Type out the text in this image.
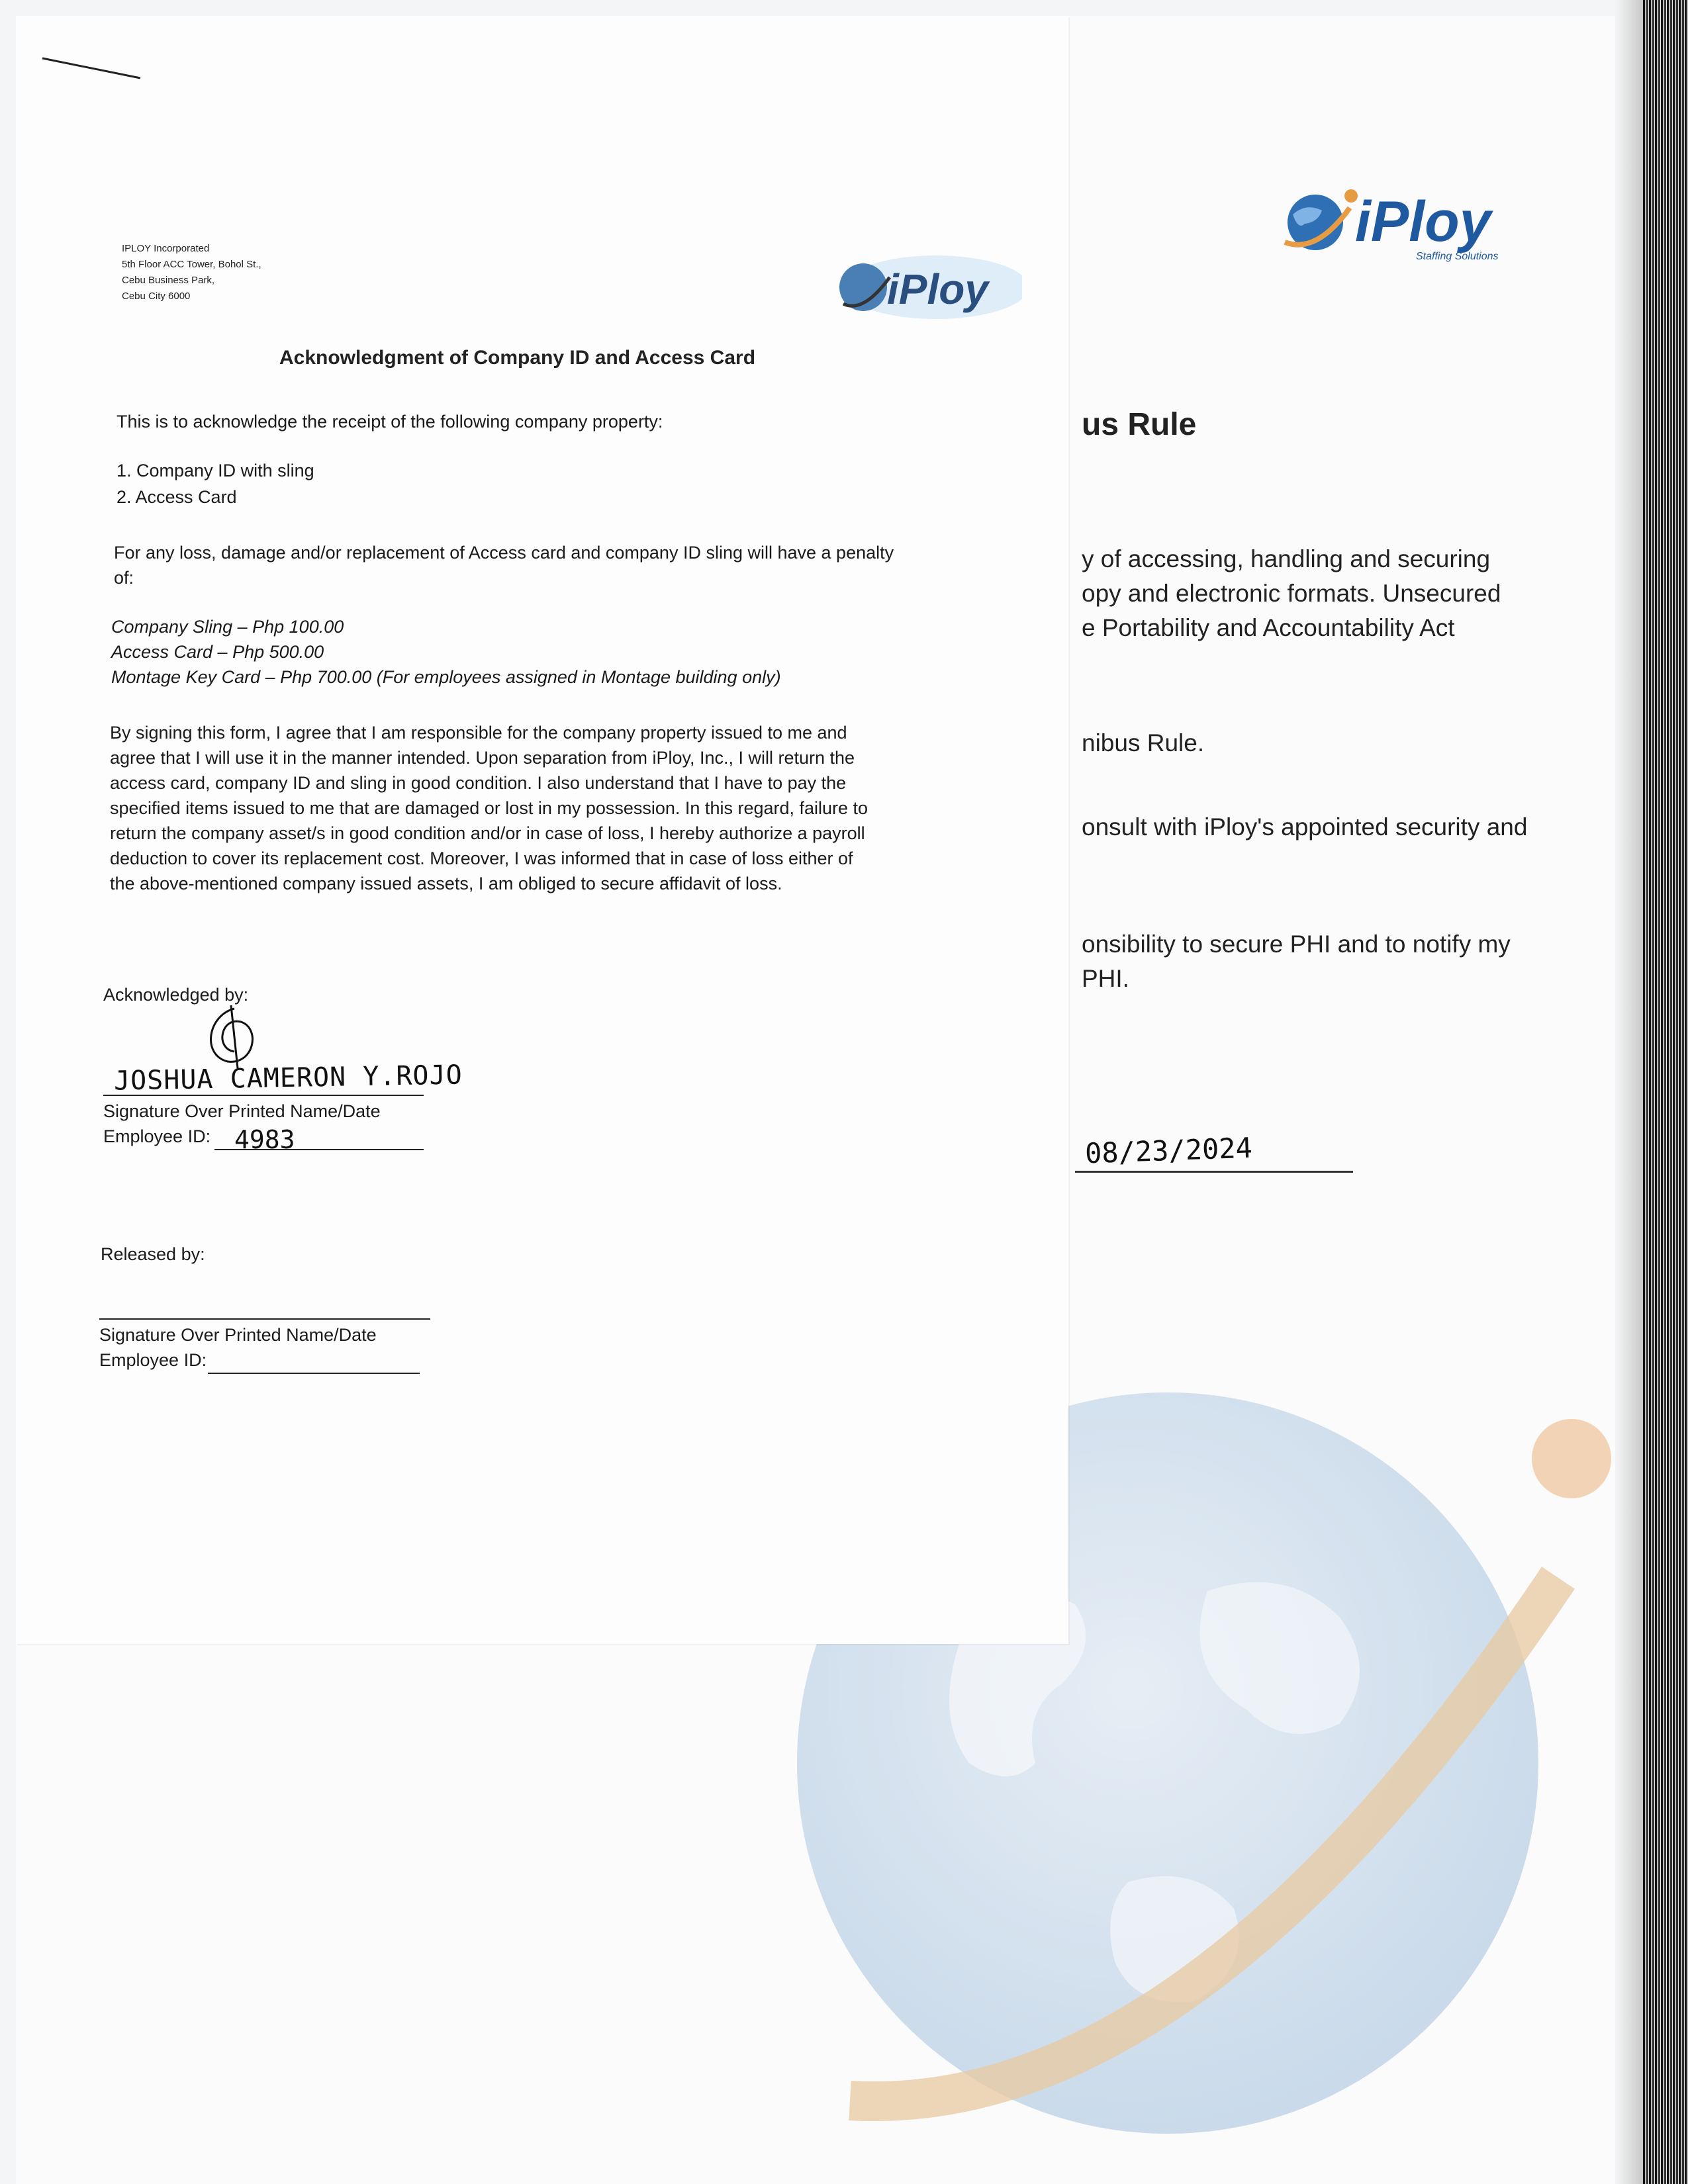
iPloy
Staffing Solutions
us Rule
y of accessing, handling and securing
opy and electronic formats. Unsecured
e Portability and Accountability Act
nibus Rule.
onsult with iPloy's appointed security and
onsibility to secure PHI and to notify my
PHI.
08/23/2024
IPLOY Incorporated
5th Floor ACC Tower, Bohol St.,
Cebu Business Park,
Cebu City 6000	iPloy
Acknowledgment of Company ID and Access Card
This is to acknowledge the receipt of the following company property:
1. Company ID with sling
2. Access Card
For any loss, damage and/or replacement of Access card and company ID sling will have a penalty
of:
Company Sling – Php 100.00
Access Card – Php 500.00
Montage Key Card – Php 700.00 (For employees assigned in Montage building only)
By signing this form, I agree that I am responsible for the company property issued to me and
agree that I will use it in the manner intended. Upon separation from iPloy, Inc., I will return the
access card, company ID and sling in good condition. I also understand that I have to pay the
specified items issued to me that are damaged or lost in my possession. In this regard, failure to
return the company asset/s in good condition and/or in case of loss, I hereby authorize a payroll
deduction to cover its replacement cost. Moreover, I was informed that in case of loss either of
the above-mentioned company issued assets, I am obliged to secure affidavit of loss.
Acknowledged by:
JOSHUA CAMERON Y.ROJO
Signature Over Printed Name/Date
Employee ID: 4983
Released by:
Signature Over Printed Name/Date
Employee ID:
